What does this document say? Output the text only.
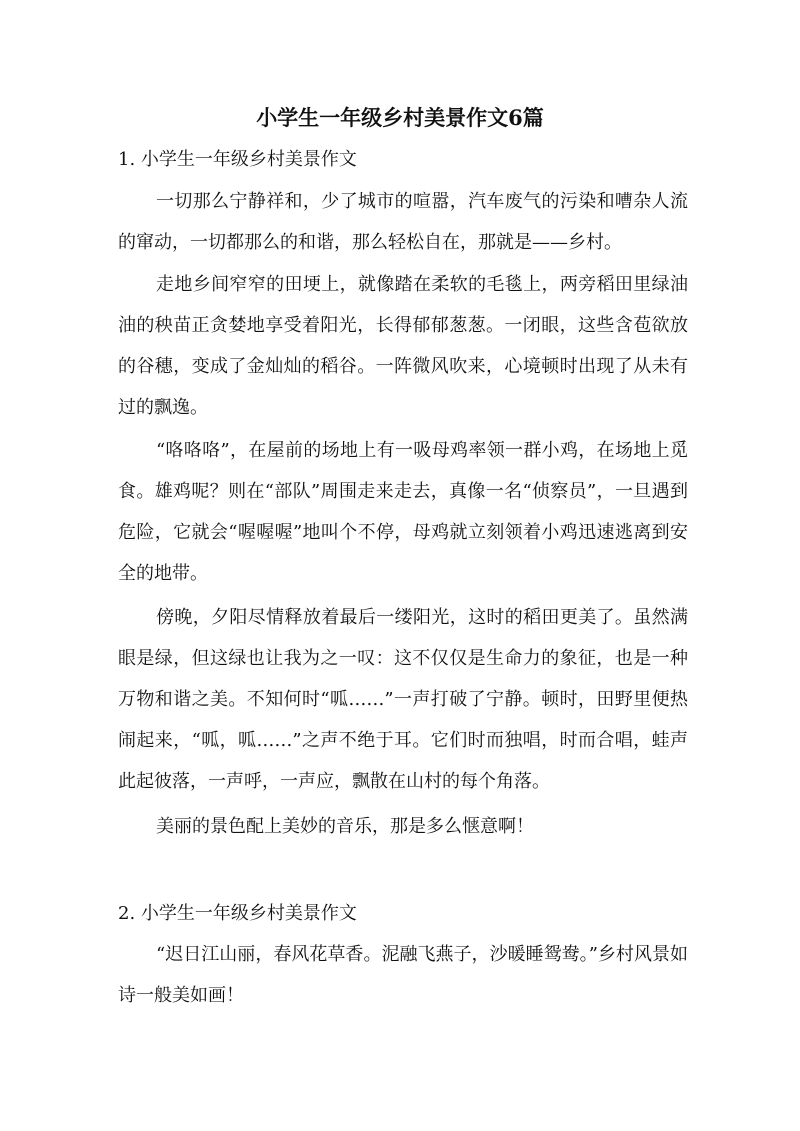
小学生一年级乡村美景作文6篇
1. 小学生一年级乡村美景作文

一切那么宁静祥和，少了城市的喧嚣，汽车废气的污染和嘈杂人流的窜动，一切都那么的和谐，那么轻松自在，那就是——乡村。

走地乡间窄窄的田埂上，就像踏在柔软的毛毯上，两旁稻田里绿油油的秧苗正贪婪地享受着阳光，长得郁郁葱葱。一闭眼，这些含苞欲放的谷穗，变成了金灿灿的稻谷。一阵微风吹来，心境顿时出现了从未有过的飘逸。

“咯咯咯”，在屋前的场地上有一吸母鸡率领一群小鸡，在场地上觅食。雄鸡呢？则在“部队”周围走来走去，真像一名“侦察员”，一旦遇到危险，它就会“喔喔喔”地叫个不停，母鸡就立刻领着小鸡迅速逃离到安全的地带。

傍晚，夕阳尽情释放着最后一缕阳光，这时的稻田更美了。虽然满眼是绿，但这绿也让我为之一叹：这不仅仅是生命力的象征，也是一种万物和谐之美。不知何时“呱……”一声打破了宁静。顿时，田野里便热闹起来，“呱，呱……”之声不绝于耳。它们时而独唱，时而合唱，蛙声此起彼落，一声呼，一声应，飘散在山村的每个角落。

美丽的景色配上美妙的音乐，那是多么惬意啊！

2. 小学生一年级乡村美景作文

“迟日江山丽，春风花草香。泥融飞燕子，沙暖睡鸳鸯。”乡村风景如诗一般美如画！
